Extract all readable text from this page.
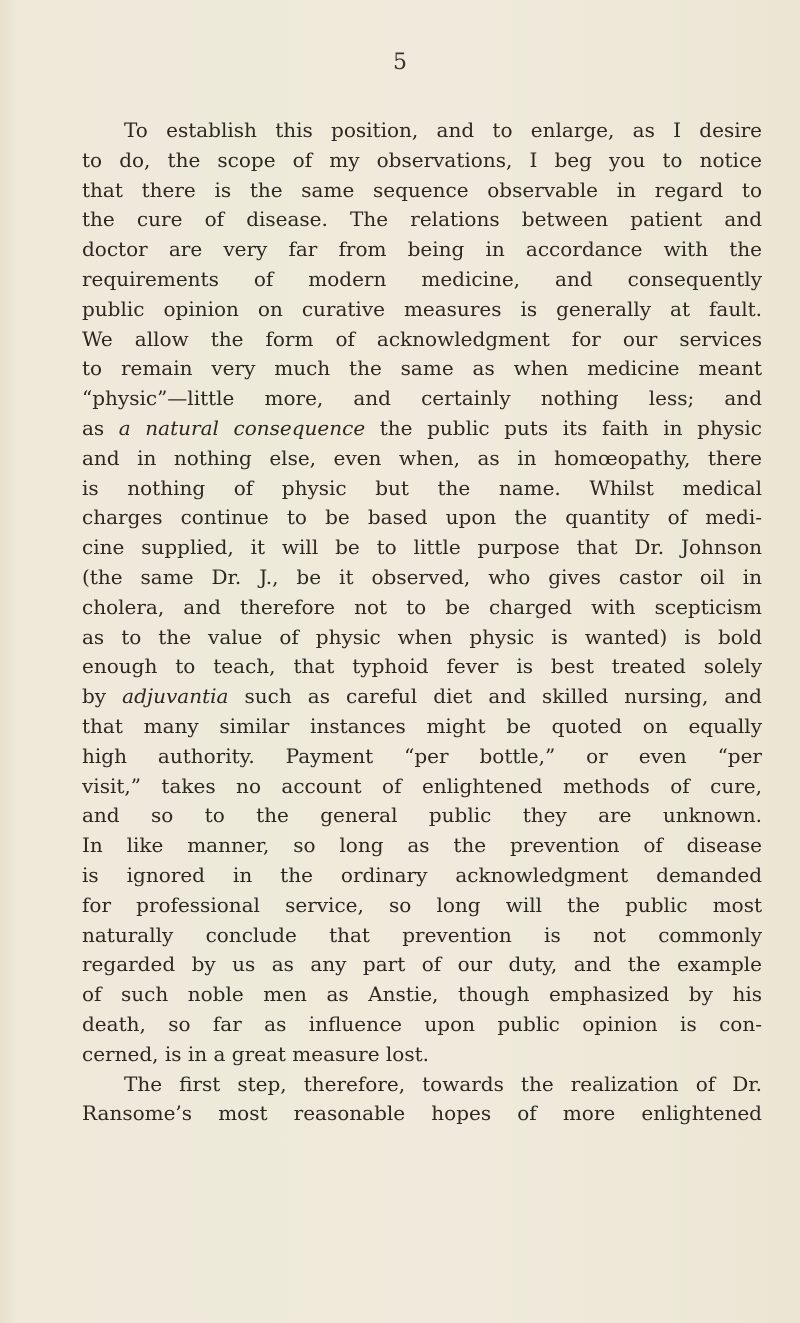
5
To establish this position, and to enlarge, as I desire
to do, the scope of my observations, I beg you to notice
that there is the same sequence observable in regard to
the cure of disease. The relations between patient and
doctor are very far from being in accordance with the
requirements of modern medicine, and consequently
public opinion on curative measures is generally at fault.
We allow the form of acknowledgment for our services
to remain very much the same as when medicine meant
“physic”—little more, and certainly nothing less; and
as a natural consequence the public puts its faith in physic
and in nothing else, even when, as in homœopathy, there
is nothing of physic but the name. Whilst medical
charges continue to be based upon the quantity of medi-
cine supplied, it will be to little purpose that Dr. Johnson
(the same Dr. J., be it observed, who gives castor oil in
cholera, and therefore not to be charged with scepticism
as to the value of physic when physic is wanted) is bold
enough to teach, that typhoid fever is best treated solely
by adjuvantia such as careful diet and skilled nursing, and
that many similar instances might be quoted on equally
high authority. Payment “per bottle,” or even “per
visit,” takes no account of enlightened methods of cure,
and so to the general public they are unknown.
In like manner, so long as the prevention of disease
is ignored in the ordinary acknowledgment demanded
for professional service, so long will the public most
naturally conclude that prevention is not commonly
regarded by us as any part of our duty, and the example
of such noble men as Anstie, though emphasized by his
death, so far as influence upon public opinion is con-
cerned, is in a great measure lost.
The first step, therefore, towards the realization of Dr.
Ransome’s most reasonable hopes of more enlightened
